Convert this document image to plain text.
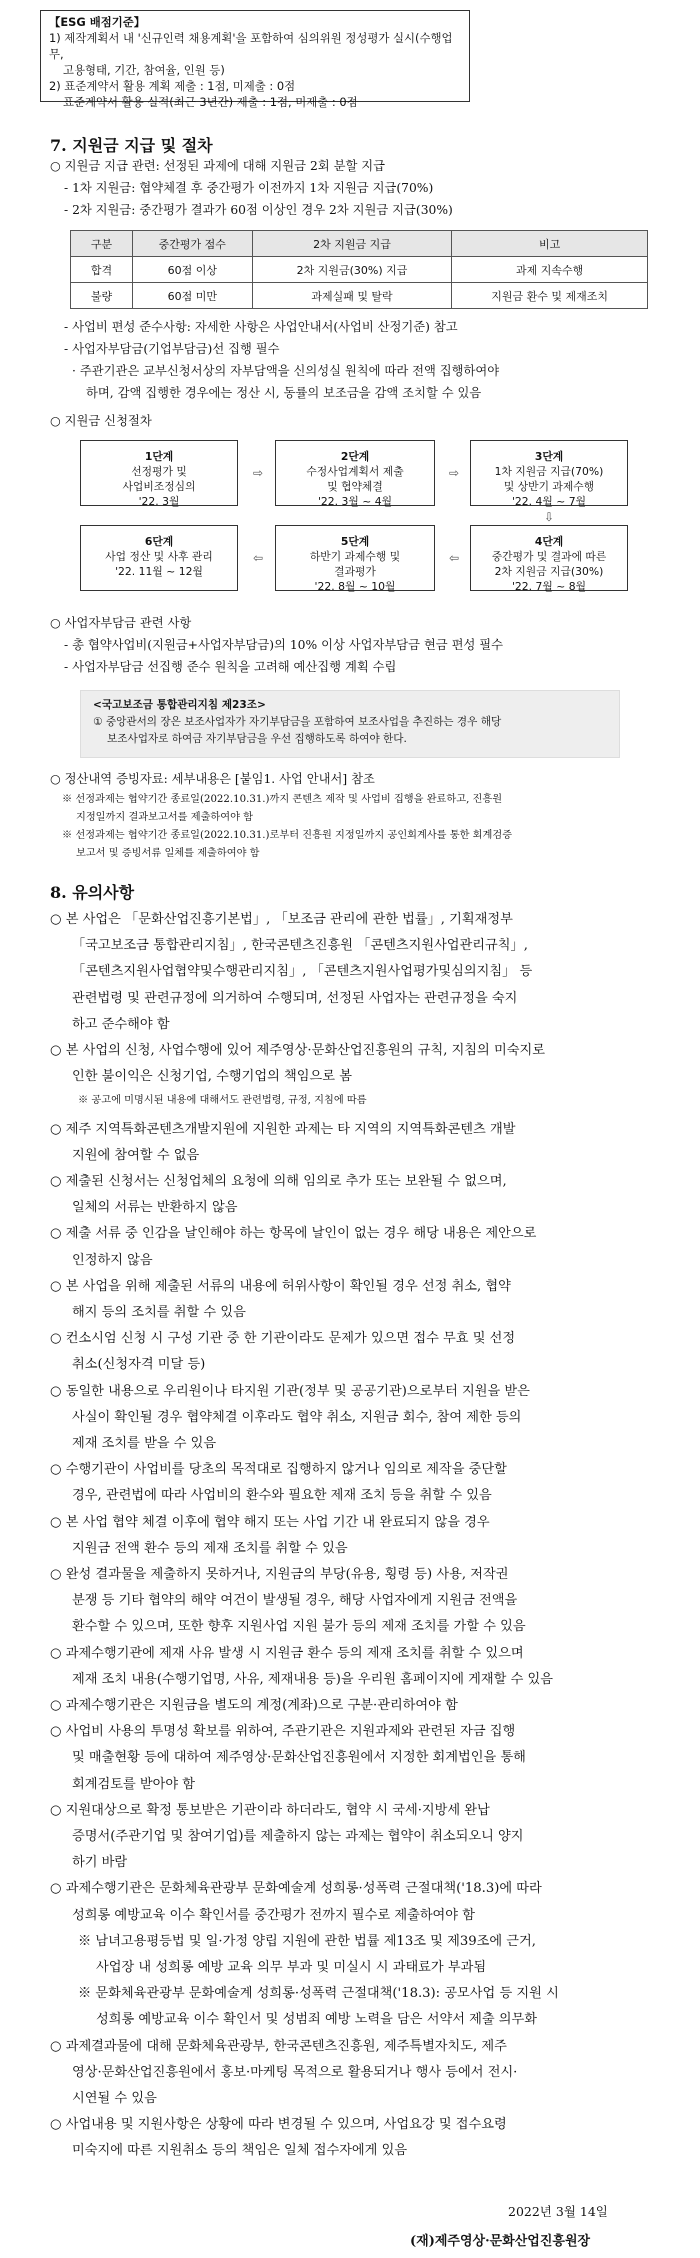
【ESG 배점기준】
1) 제작계획서 내 '신규인력 채용계획'을 포함하여 심의위원 정성평가 실시(수행업무,
고용형태, 기간, 참여율, 인원 등)
2) 표준계약서 활용 계획 제출 : 1점, 미제출 : 0점
표준계약서 활용 실적(최근 3년간) 제출 : 1점, 미제출 : 0점
7. 지원금 지급 및 절차
○ 지원금 지급 관련: 선정된 과제에 대해 지원금 2회 분할 지급
- 1차 지원금: 협약체결 후 중간평가 이전까지 1차 지원금 지급(70%)
- 2차 지원금: 중간평가 결과가 60점 이상인 경우 2차 지원금 지급(30%)
구분	중간평가 점수	2차 지원금 지급	비고
합격	60점 이상	2차 지원금(30%) 지급	과제 지속수행
불량	60점 미만	과제실패 및 탈락	지원금 환수 및 제재조치
- 사업비 편성 준수사항: 자세한 사항은 사업안내서(사업비 산정기준) 참고
- 사업자부담금(기업부담금)선 집행 필수
· 주관기관은 교부신청서상의 자부담액을 신의성실 원칙에 따라 전액 집행하여야
하며, 감액 집행한 경우에는 정산 시, 동률의 보조금을 감액 조치할 수 있음
○ 지원금 신청절차
1단계
선정평가 및
사업비조정심의
'22. 3월
⇨
2단계
수정사업계획서 제출
및 협약체결
'22. 3월 ~ 4월
⇨
3단계
1차 지원금 지급(70%)
및 상반기 과제수행
'22. 4월 ~ 7월
⇩
6단계
사업 정산 및 사후 관리
'22. 11월 ~ 12월
⇦
5단계
하반기 과제수행 및
결과평가
'22. 8월 ~ 10월
⇦
4단계
중간평가 및 결과에 따른
2차 지원금 지급(30%)
'22. 7월 ~ 8월
○ 사업자부담금 관련 사항
- 총 협약사업비(지원금+사업자부담금)의 10% 이상 사업자부담금 현금 편성 필수
- 사업자부담금 선집행 준수 원칙을 고려해 예산집행 계획 수립
<국고보조금 통합관리지침 제23조>
① 중앙관서의 장은 보조사업자가 자기부담금을 포함하여 보조사업을 추진하는 경우 해당
보조사업자로 하여금 자기부담금을 우선 집행하도록 하여야 한다.
○ 정산내역 증빙자료: 세부내용은 [붙임1. 사업 안내서] 참조
※ 선정과제는 협약기간 종료일(2022.10.31.)까지 콘텐츠 제작 및 사업비 집행을 완료하고, 진흥원
지정일까지 결과보고서를 제출하여야 함
※ 선정과제는 협약기간 종료일(2022.10.31.)로부터 진흥원 지정일까지 공인회계사를 통한 회계검증
보고서 및 증빙서류 일체를 제출하여야 함
8. 유의사항
○ 본 사업은 「문화산업진흥기본법」, 「보조금 관리에 관한 법률」, 기획재정부
「국고보조금 통합관리지침」, 한국콘텐츠진흥원 「콘텐츠지원사업관리규칙」,
「콘텐츠지원사업협약및수행관리지침」, 「콘텐츠지원사업평가및심의지침」 등
관련법령 및 관련규정에 의거하여 수행되며, 선정된 사업자는 관련규정을 숙지
하고 준수해야 함
○ 본 사업의 신청, 사업수행에 있어 제주영상·문화산업진흥원의 규칙, 지침의 미숙지로
인한 불이익은 신청기업, 수행기업의 책임으로 봄
※ 공고에 미명시된 내용에 대해서도 관련법령, 규정, 지침에 따름
○ 제주 지역특화콘텐츠개발지원에 지원한 과제는 타 지역의 지역특화콘텐츠 개발
지원에 참여할 수 없음
○ 제출된 신청서는 신청업체의 요청에 의해 임의로 추가 또는 보완될 수 없으며,
일체의 서류는 반환하지 않음
○ 제출 서류 중 인감을 날인해야 하는 항목에 날인이 없는 경우 해당 내용은 제안으로
인정하지 않음
○ 본 사업을 위해 제출된 서류의 내용에 허위사항이 확인될 경우 선정 취소, 협약
해지 등의 조치를 취할 수 있음
○ 컨소시엄 신청 시 구성 기관 중 한 기관이라도 문제가 있으면 접수 무효 및 선정
취소(신청자격 미달 등)
○ 동일한 내용으로 우리원이나 타지원 기관(정부 및 공공기관)으로부터 지원을 받은
사실이 확인될 경우 협약체결 이후라도 협약 취소, 지원금 회수, 참여 제한 등의
제재 조치를 받을 수 있음
○ 수행기관이 사업비를 당초의 목적대로 집행하지 않거나 임의로 제작을 중단할
경우, 관련법에 따라 사업비의 환수와 필요한 제재 조치 등을 취할 수 있음
○ 본 사업 협약 체결 이후에 협약 해지 또는 사업 기간 내 완료되지 않을 경우
지원금 전액 환수 등의 제재 조치를 취할 수 있음
○ 완성 결과물을 제출하지 못하거나, 지원금의 부당(유용, 횡령 등) 사용, 저작권
분쟁 등 기타 협약의 해약 여건이 발생될 경우, 해당 사업자에게 지원금 전액을
환수할 수 있으며, 또한 향후 지원사업 지원 불가 등의 제재 조치를 가할 수 있음
○ 과제수행기관에 제재 사유 발생 시 지원금 환수 등의 제재 조치를 취할 수 있으며
제재 조치 내용(수행기업명, 사유, 제재내용 등)을 우리원 홈페이지에 게재할 수 있음
○ 과제수행기관은 지원금을 별도의 계정(계좌)으로 구분·관리하여야 함
○ 사업비 사용의 투명성 확보를 위하여, 주관기관은 지원과제와 관련된 자금 집행
및 매출현황 등에 대하여 제주영상·문화산업진흥원에서 지정한 회계법인을 통해
회계검토를 받아야 함
○ 지원대상으로 확정 통보받은 기관이라 하더라도, 협약 시 국세·지방세 완납
증명서(주관기업 및 참여기업)를 제출하지 않는 과제는 협약이 취소되오니 양지
하기 바람
○ 과제수행기관은 문화체육관광부 문화예술계 성희롱·성폭력 근절대책('18.3)에 따라
성희롱 예방교육 이수 확인서를 중간평가 전까지 필수로 제출하여야 함
※ 남녀고용평등법 및 일·가정 양립 지원에 관한 법률 제13조 및 제39조에 근거,
사업장 내 성희롱 예방 교육 의무 부과 및 미실시 시 과태료가 부과됨
※ 문화체육관광부 문화예술계 성희롱·성폭력 근절대책('18.3): 공모사업 등 지원 시
성희롱 예방교육 이수 확인서 및 성범죄 예방 노력을 담은 서약서 제출 의무화
○ 과제결과물에 대해 문화체육관광부, 한국콘텐츠진흥원, 제주특별자치도, 제주
영상·문화산업진흥원에서 홍보·마케팅 목적으로 활용되거나 행사 등에서 전시·
시연될 수 있음
○ 사업내용 및 지원사항은 상황에 따라 변경될 수 있으며, 사업요강 및 접수요령
미숙지에 따른 지원취소 등의 책임은 일체 접수자에게 있음
2022년 3월 14일
(재)제주영상·문화산업진흥원장
